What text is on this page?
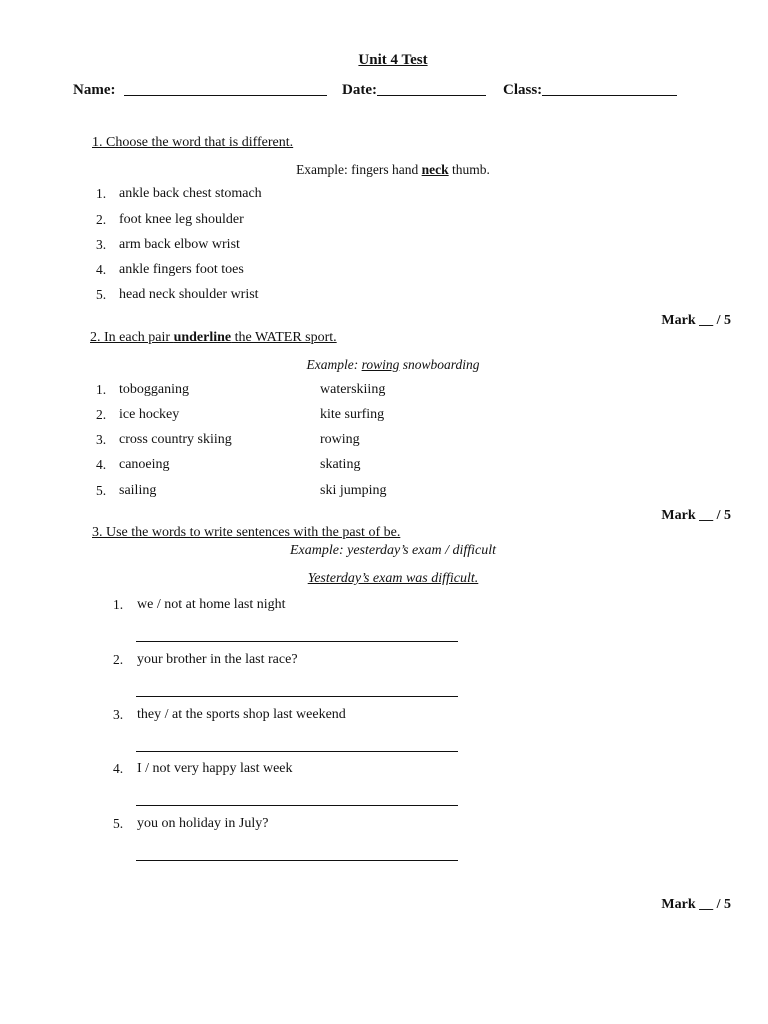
Unit 4 Test
Name:	Date:	Class:
1. Choose the word that is different.
Example: fingers hand neck thumb.
1. ankle back chest stomach
2. foot knee leg shoulder
3. arm back elbow wrist
4. ankle fingers foot toes
5. head neck shoulder wrist
Mark __ / 5
2. In each pair underline the WATER sport.
Example: rowing snowboarding
1. tobogganing	waterskiing
2. ice hockey	kite surfing
3. cross country skiing	rowing
4. canoeing	skating
5. sailing	ski jumping
Mark __ / 5
3. Use the words to write sentences with the past of be.
Example: yesterday’s exam / difficult
Yesterday’s exam was difficult.
1. we / not at home last night
2. your brother in the last race?
3. they / at the sports shop last weekend
4. I / not very happy last week
5. you on holiday in July?
Mark __ / 5
